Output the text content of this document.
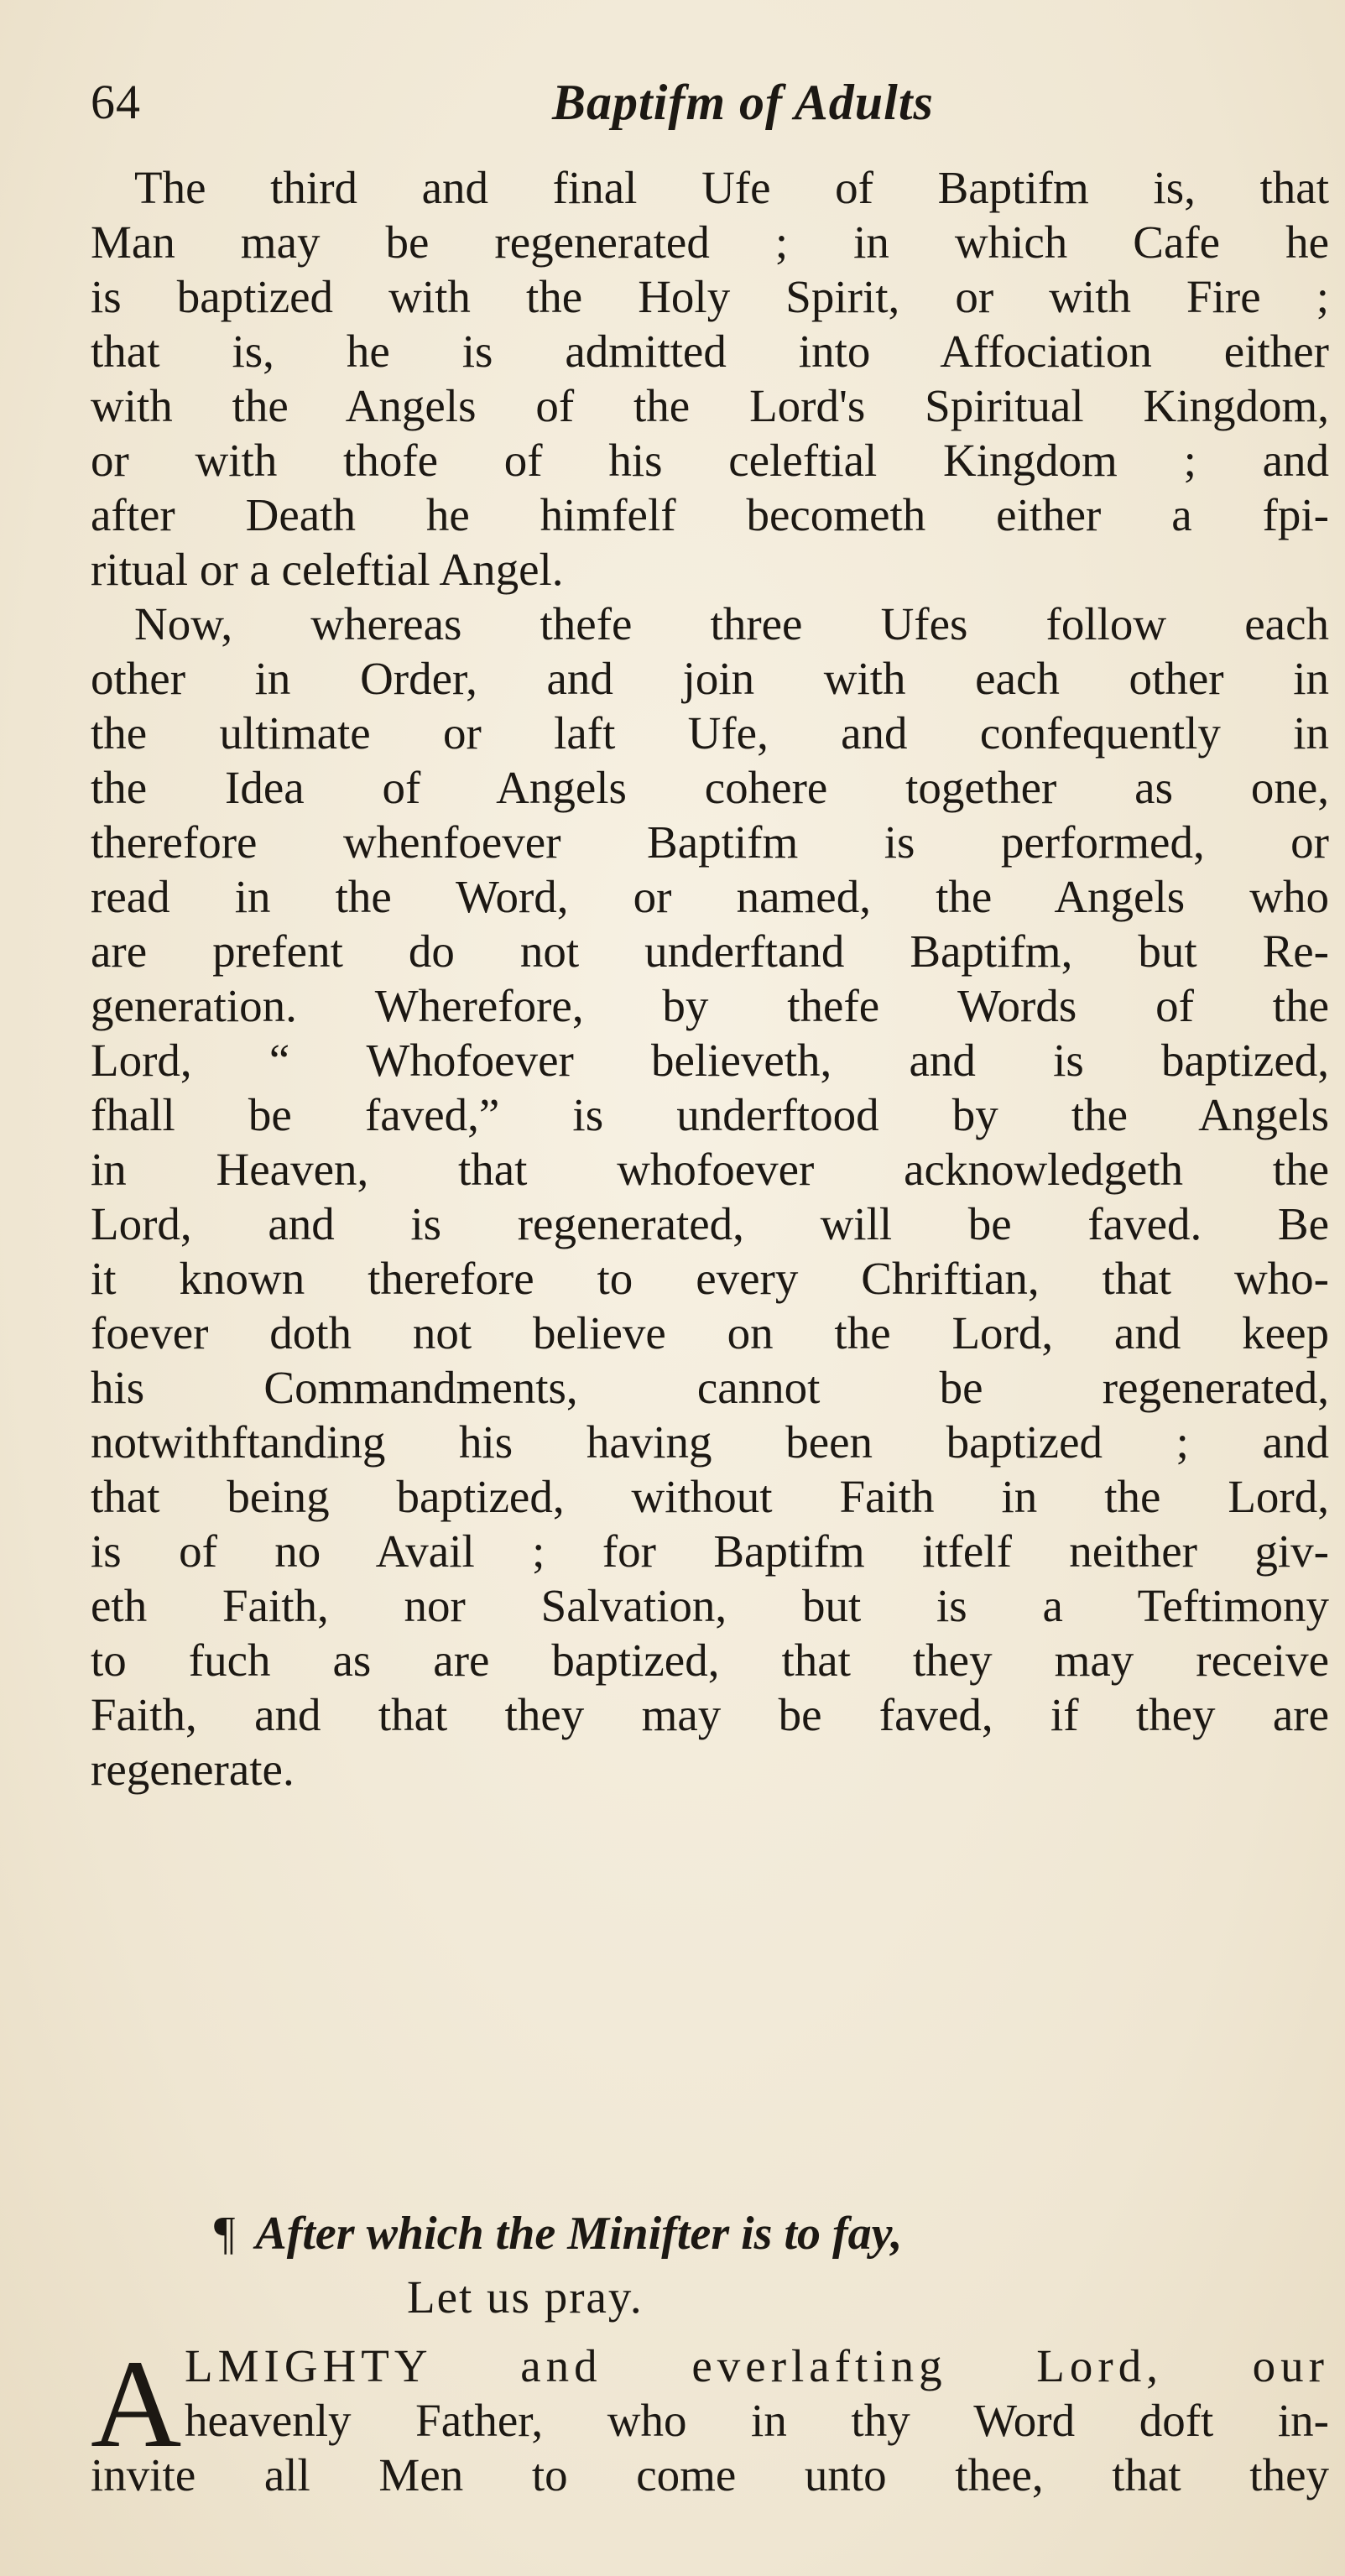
64	Baptifm of Adults
The third and final Ufe of Baptifm is, that
Man may be regenerated ; in which Cafe he
is baptized with the Holy Spirit, or with Fire ;
that is, he is admitted into Affociation either
with the Angels of the Lord's Spiritual Kingdom,
or with thofe of his celeftial Kingdom ; and
after Death he himfelf becometh either a fpi-
ritual or a celeftial Angel.
Now, whereas thefe three Ufes follow each
other in Order, and join with each other in
the ultimate or laft Ufe, and confequently in
the Idea of Angels cohere together as one,
therefore whenfoever Baptifm is performed, or
read in the Word, or named, the Angels who
are prefent do not underftand Baptifm, but Re-
generation. Wherefore, by thefe Words of the
Lord, “ Whofoever believeth, and is baptized,
fhall be faved,” is underftood by the Angels
in Heaven, that whofoever acknowledgeth the
Lord, and is regenerated, will be faved. Be
it known therefore to every Chriftian, that who-
foever doth not believe on the Lord, and keep
his Commandments, cannot be regenerated,
notwithftanding his having been baptized ; and
that being baptized, without Faith in the Lord,
is of no Avail ; for Baptifm itfelf neither giv-
eth Faith, nor Salvation, but is a Teftimony
to fuch as are baptized, that they may receive
Faith, and that they may be faved, if they are
regenerate.
¶ After which the Minifter is to fay,
Let us pray.
A LMIGHTY and everlafting Lord, our
heavenly Father, who in thy Word doft in-
invite all Men to come unto thee, that they
